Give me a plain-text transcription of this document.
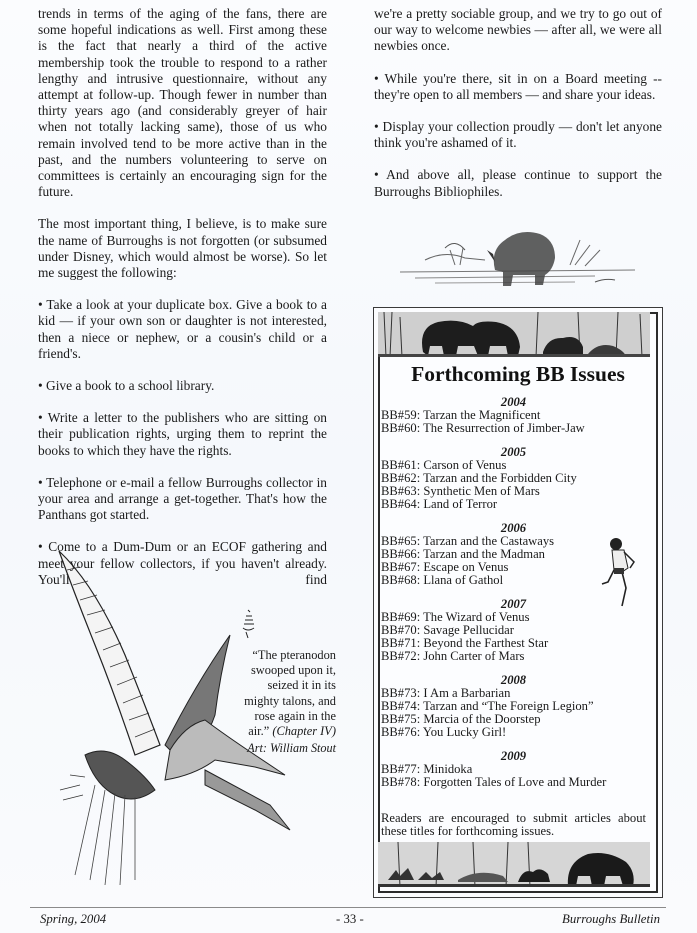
trends in terms of the aging of the fans, there are some hopeful indications as well. First among these is the fact that nearly a third of the active membership took the trouble to respond to a rather lengthy and intrusive questionnaire, without any attempt at follow-up. Though fewer in number than thirty years ago (and considerably greyer of hair when not totally lacking same), those of us who remain involved tend to be more active than in the past, and the numbers volunteering to serve on committees is certainly an encouraging sign for the future.

The most important thing, I believe, is to make sure the name of Burroughs is not forgotten (or subsumed under Disney, which would almost be worse). So let me suggest the following:

• Take a look at your duplicate box. Give a book to a kid — if your own son or daughter is not interested, then a niece or nephew, or a cousin's child or a friend's.

• Give a book to a school library.

• Write a letter to the publishers who are sitting on their publication rights, urging them to reprint the books to which they have the rights.

• Telephone or e-mail a fellow Burroughs collector in your area and arrange a get-together. That's how the Panthans got started.

• Come to a Dum-Dum or an ECOF gathering and meet your fellow collectors, if you haven't already. You'll find

we're a pretty sociable group, and we try to go out of our way to welcome newbies — after all, we were all newbies once.

• While you're there, sit in on a Board meeting --they're open to all members — and share your ideas.

• Display your collection proudly — don't let anyone think you're ashamed of it.

• And above all, please continue to support the Burroughs Bibliophiles.

“The pteranodon swooped upon it, seized it in its mighty talons, and rose again in the air.” (Chapter IV)
Art: William Stout
Forthcoming BB Issues
2004
BB#59: Tarzan the Magnificent
BB#60: The Resurrection of Jimber-Jaw
2005
BB#61: Carson of Venus
BB#62: Tarzan and the Forbidden City
BB#63: Synthetic Men of Mars
BB#64: Land of Terror
2006
BB#65: Tarzan and the Castaways
BB#66: Tarzan and the Madman
BB#67: Escape on Venus
BB#68: Llana of Gathol
2007
BB#69: The Wizard of Venus
BB#70: Savage Pellucidar
BB#71: Beyond the Farthest Star
BB#72: John Carter of Mars
2008
BB#73: I Am a Barbarian
BB#74: Tarzan and “The Foreign Legion”
BB#75: Marcia of the Doorstep
BB#76: You Lucky Girl!
2009
BB#77: Minidoka
BB#78: Forgotten Tales of Love and Murder
Readers are encouraged to submit articles about these titles for forthcoming issues.
Spring, 2004	- 33 -	Burroughs Bulletin
